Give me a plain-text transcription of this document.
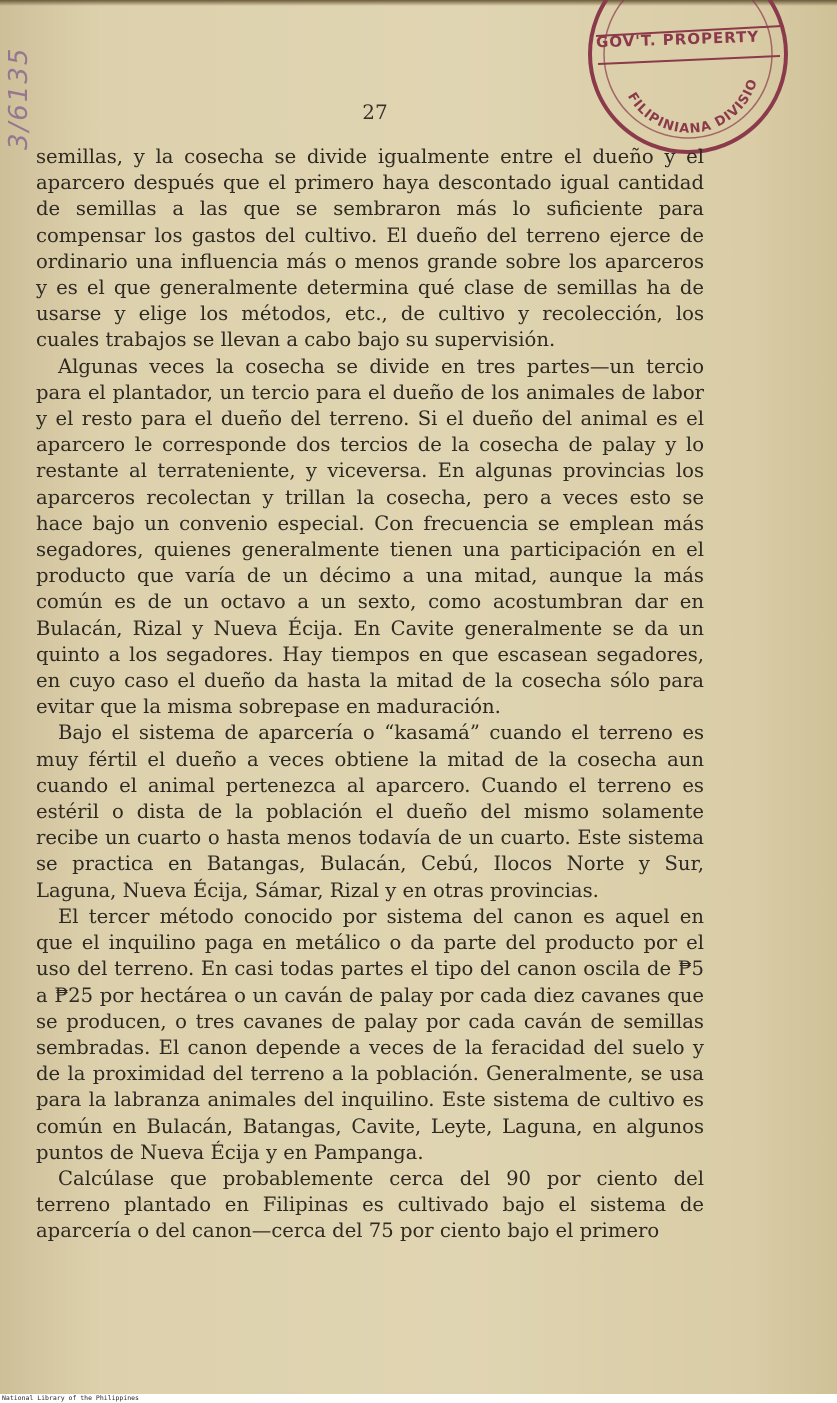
3/6135	FILIPINIANA DIVISIO
GOV'T. PROPERTY
27

semillas, y la cosecha se divide igualmente entre el dueño y el aparcero después que el primero haya descontado igual cantidad de semillas a las que se sembraron más lo suficiente para compensar los gastos del cultivo. El dueño del terreno ejerce de ordinario una influencia más o menos grande sobre los aparceros y es el que generalmente determina qué clase de semillas ha de usarse y elige los métodos, etc., de cultivo y recolección, los cuales trabajos se llevan a cabo bajo su supervisión.

Algunas veces la cosecha se divide en tres partes—un tercio para el plantador, un tercio para el dueño de los animales de labor y el resto para el dueño del terreno. Si el dueño del animal es el aparcero le corresponde dos tercios de la cosecha de palay y lo restante al terrateniente, y viceversa. En algunas provincias los aparceros recolectan y trillan la cosecha, pero a veces esto se hace bajo un convenio especial. Con frecuencia se emplean más segadores, quienes generalmente tienen una participación en el producto que varía de un décimo a una mitad, aunque la más común es de un octavo a un sexto, como acostumbran dar en Bulacán, Rizal y Nueva Écija. En Cavite generalmente se da un quinto a los segadores. Hay tiempos en que escasean segadores, en cuyo caso el dueño da hasta la mitad de la cosecha sólo para evitar que la misma sobrepase en maduración.

Bajo el sistema de aparcería o “kasamá” cuando el terreno es muy fértil el dueño a veces obtiene la mitad de la cosecha aun cuando el animal pertenezca al aparcero. Cuando el terreno es estéril o dista de la población el dueño del mismo solamente recibe un cuarto o hasta menos todavía de un cuarto. Este sistema se practica en Batangas, Bulacán, Cebú, Ilocos Norte y Sur, Laguna, Nueva Écija, Sámar, Rizal y en otras provincias.

El tercer método conocido por sistema del canon es aquel en que el inquilino paga en metálico o da parte del producto por el uso del terreno. En casi todas partes el tipo del canon oscila de ₱5 a ₱25 por hectárea o un caván de palay por cada diez cavanes que se producen, o tres cavanes de palay por cada caván de semillas sembradas. El canon depende a veces de la feracidad del suelo y de la proximidad del terreno a la población. Generalmente, se usa para la labranza animales del inquilino. Este sistema de cultivo es común en Bulacán, Batangas, Cavite, Leyte, Laguna, en algunos puntos de Nueva Écija y en Pampanga.

Calcúlase que probablemente cerca del 90 por ciento del terreno plantado en Filipinas es cultivado bajo el sistema de aparcería o del canon—cerca del 75 por ciento bajo el primero

National Library of the Philippines
